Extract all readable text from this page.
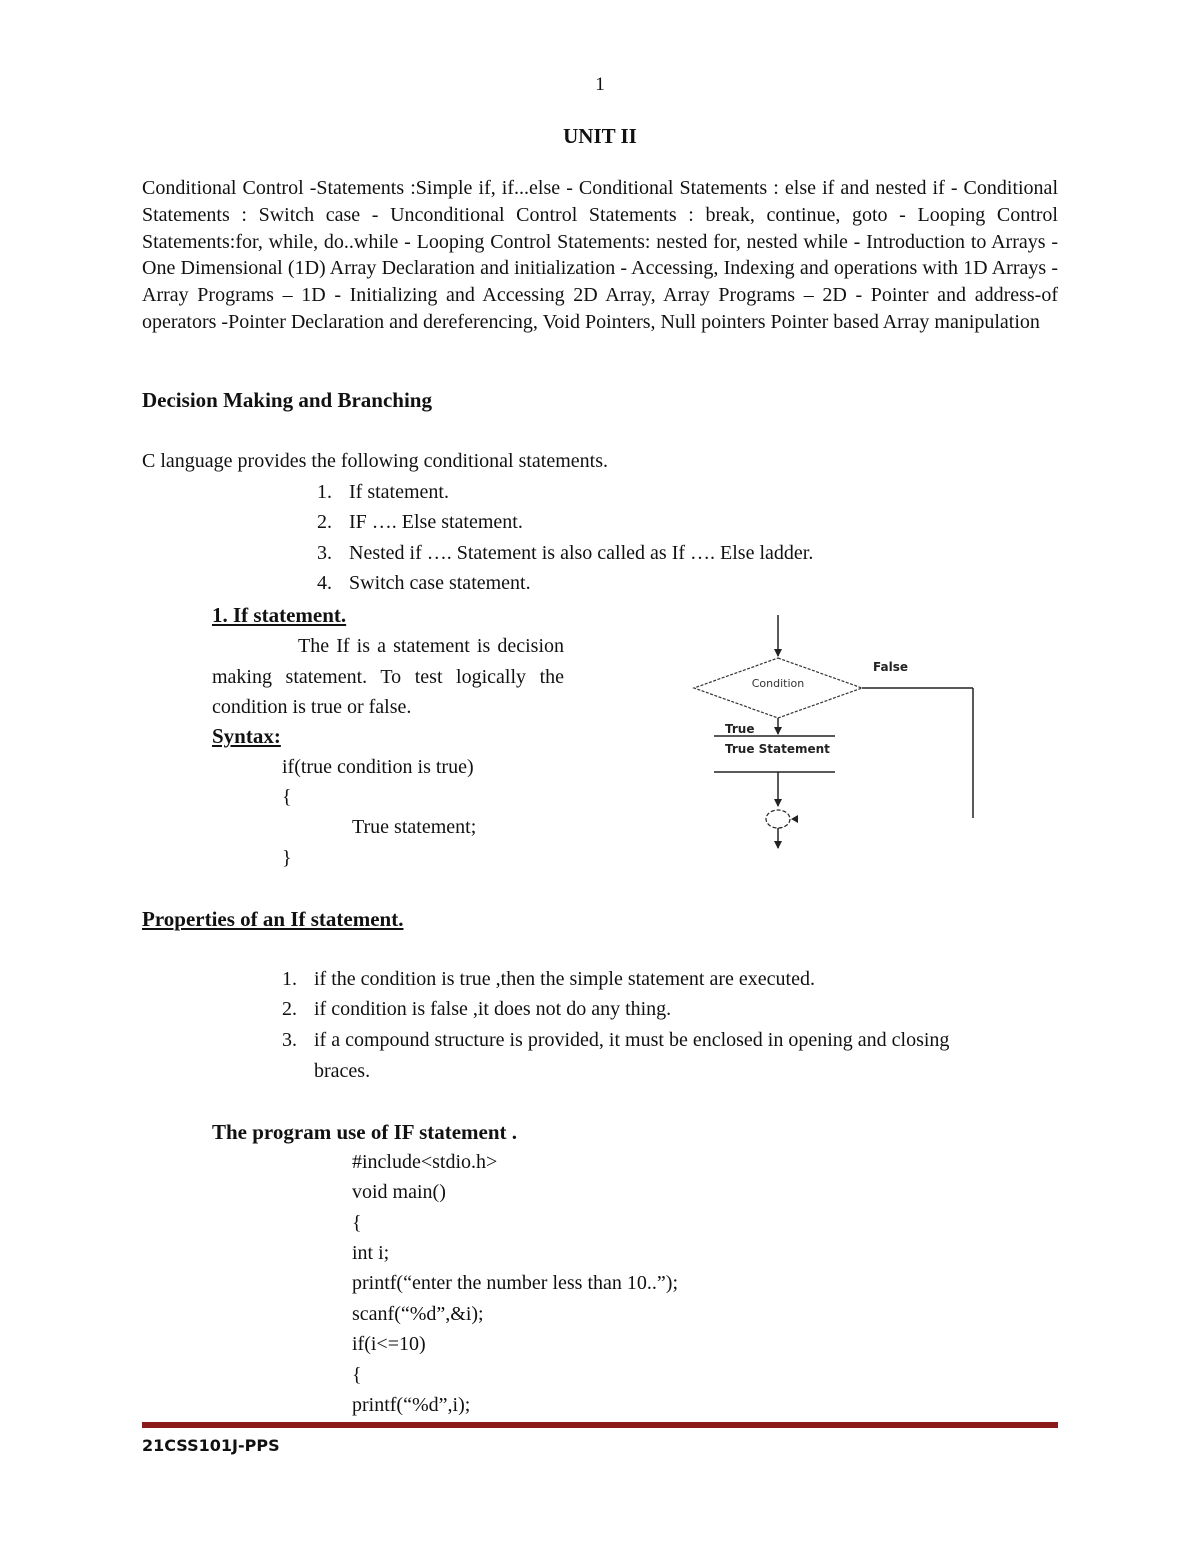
1
UNIT II
Conditional Control -Statements :Simple if, if...else - Conditional Statements : else if and nested if - Conditional Statements : Switch case - Unconditional Control Statements : break, continue, goto - Looping Control Statements:for, while, do..while - Looping Control Statements: nested for, nested while - Introduction to Arrays -One Dimensional (1D) Array Declaration and initialization - Accessing, Indexing and operations with 1D Arrays - Array Programs – 1D - Initializing and Accessing 2D Array, Array Programs – 2D - Pointer and address-of operators -Pointer Declaration and dereferencing, Void Pointers, Null pointers Pointer based Array manipulation
Decision Making and Branching
C language provides the following conditional statements.
1. If statement.
2. IF …. Else statement.
3. Nested if …. Statement is also called as If …. Else ladder.
4. Switch case statement.
1. If statement.
The If is a statement is decision making statement. To test logically the condition is true or false.
Syntax:
if(true condition is true)
{
True statement;
}
Condition
False
True
True Statement
Properties of an If statement.
1. if the condition is true ,then the simple statement are executed.
2. if condition is false ,it does not do any thing.
3. if a compound structure is provided, it must be enclosed in opening and closing
braces.
The program use of IF statement .
#include<stdio.h>
void main()
{
int i;
printf(“enter the number less than 10..”);
scanf(“%d”,&i);
if(i<=10)
{
printf(“%d”,i);
21CSS101J-PPS
